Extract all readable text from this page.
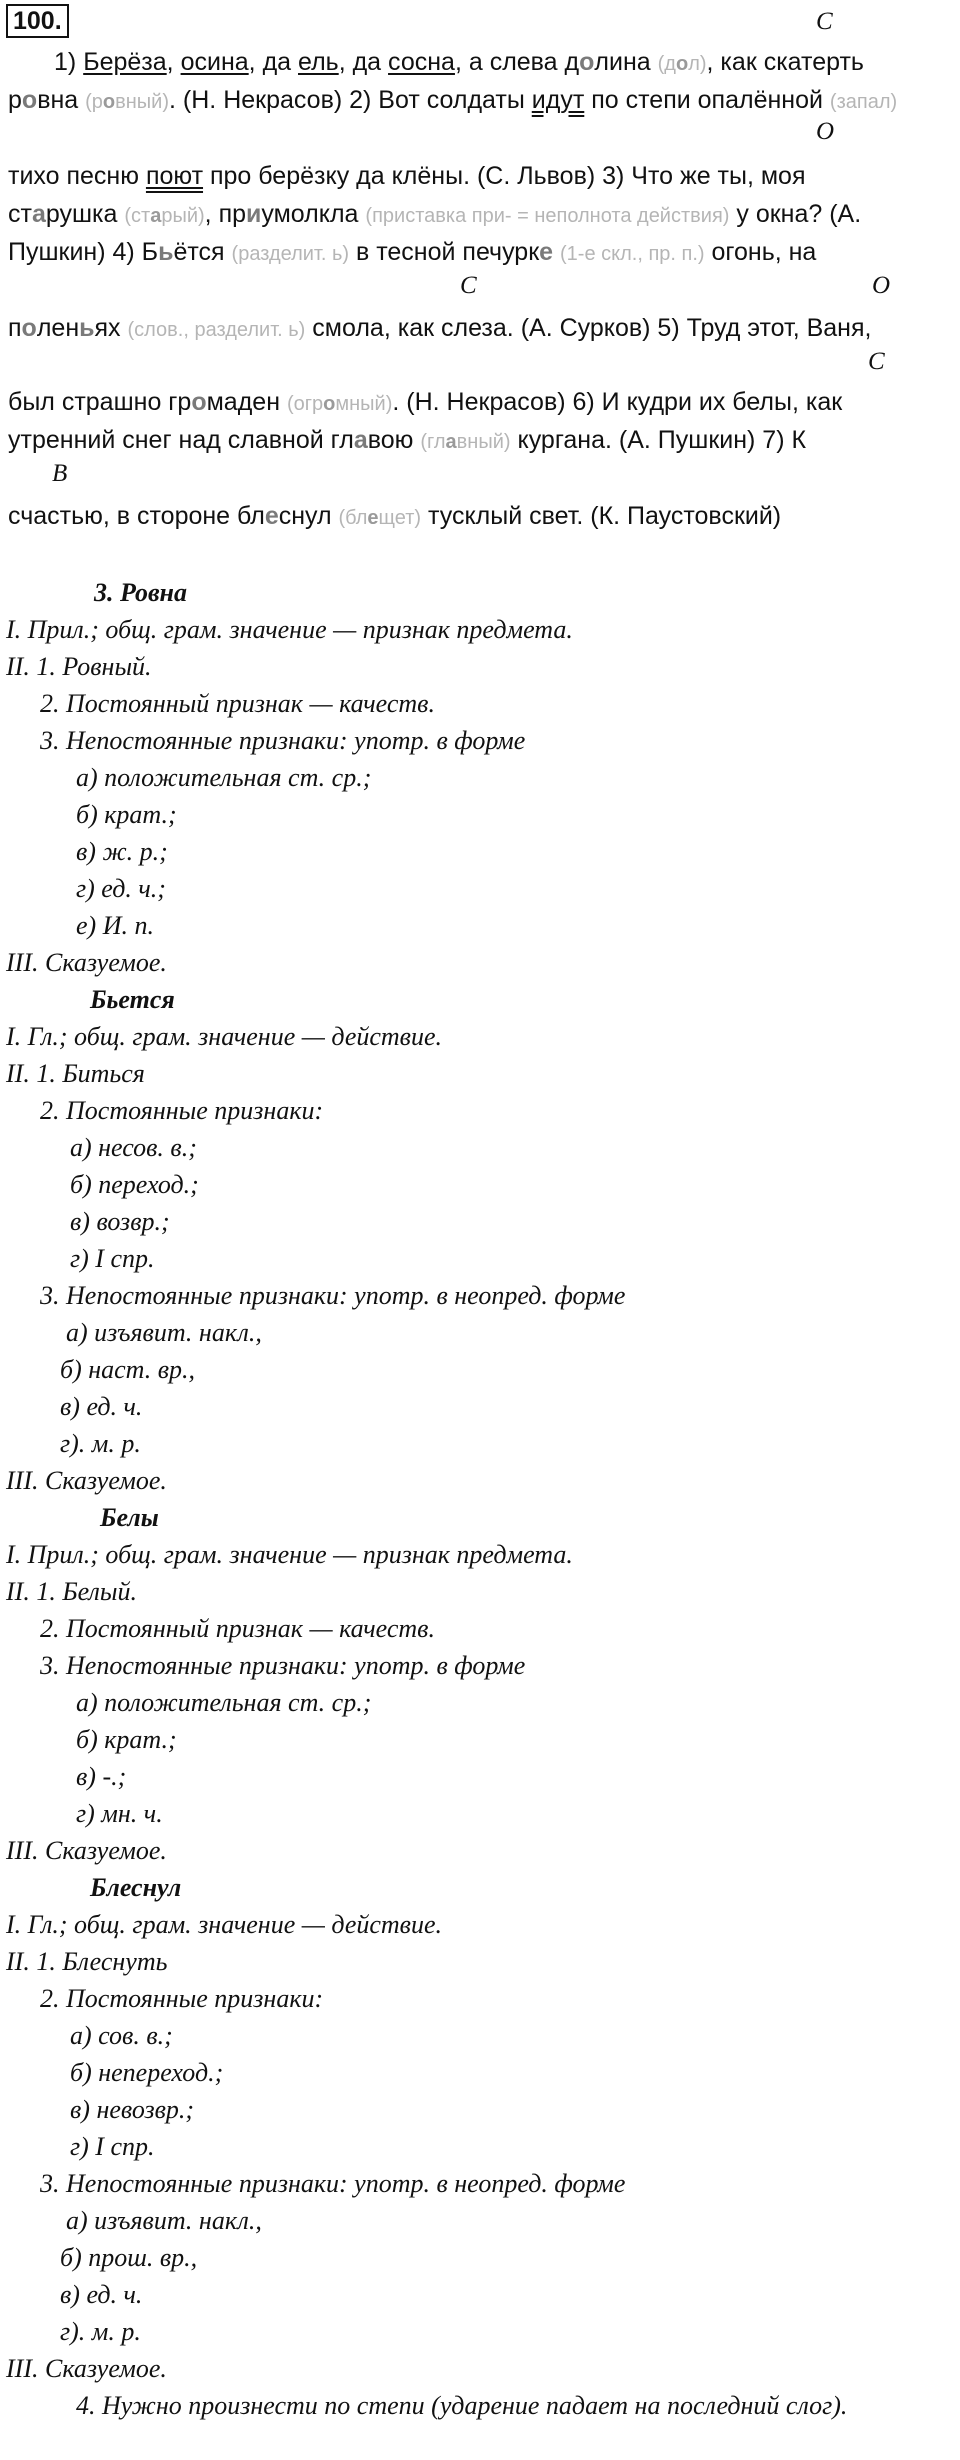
100.	С
О
С	О
С
В
1) Берёза, осина, да ель, да сосна, а слева долина (дол), как скатерть
ровна (ровный). (Н. Некрасов) 2) Вот солдаты идут по степи опалённой (запал)
тихо песню поют про берёзку да клёны. (С. Львов) 3) Что же ты, моя
старушка (старый), приумолкла (приставка при- = неполнота действия) у окна? (А.
Пушкин) 4) Бьётся (разделит. ь) в тесной печурке (1-е скл., пр. п.) огонь, на
поленьях (слов., разделит. ь) смола, как слеза. (А. Сурков) 5) Труд этот, Ваня,
был страшно громаден (огромный). (Н. Некрасов) 6) И кудри их белы, как
утренний снег над славной главою (главный) кургана. (А. Пушкин) 7) К
счастью, в стороне блеснул (блещет) тусклый свет. (К. Паустовский)
3. Ровна
I. Прил.; общ. грам. значение — признак предмета.
II. 1. Ровный.
2. Постоянный признак — качеств.
3. Непостоянные признаки: употр. в форме
а) положительная ст. ср.;
б) крат.;
в) ж. р.;
г) ед. ч.;
е) И. п.
III. Сказуемое.
Бьется
I. Гл.; общ. грам. значение — действие.
II. 1. Биться
2. Постоянные признаки:
а) несов. в.;
б) переход.;
в) возвр.;
г) I спр.
3. Непостоянные признаки: употр. в неопред. форме
а) изъявит. накл.,
б) наст. вр.,
в) ед. ч.
г). м. р.
III. Сказуемое.
Белы
I. Прил.; общ. грам. значение — признак предмета.
II. 1. Белый.
2. Постоянный признак — качеств.
3. Непостоянные признаки: употр. в форме
а) положительная ст. ср.;
б) крат.;
в) -.;
г) мн. ч.
III. Сказуемое.
Блеснул
I. Гл.; общ. грам. значение — действие.
II. 1. Блеснуть
2. Постоянные признаки:
а) сов. в.;
б) непереход.;
в) невозвр.;
г) I спр.
3. Непостоянные признаки: употр. в неопред. форме
а) изъявит. накл.,
б) прош. вр.,
в) ед. ч.
г). м. р.
III. Сказуемое.
4. Нужно произнести по степи (ударение падает на последний слог).
